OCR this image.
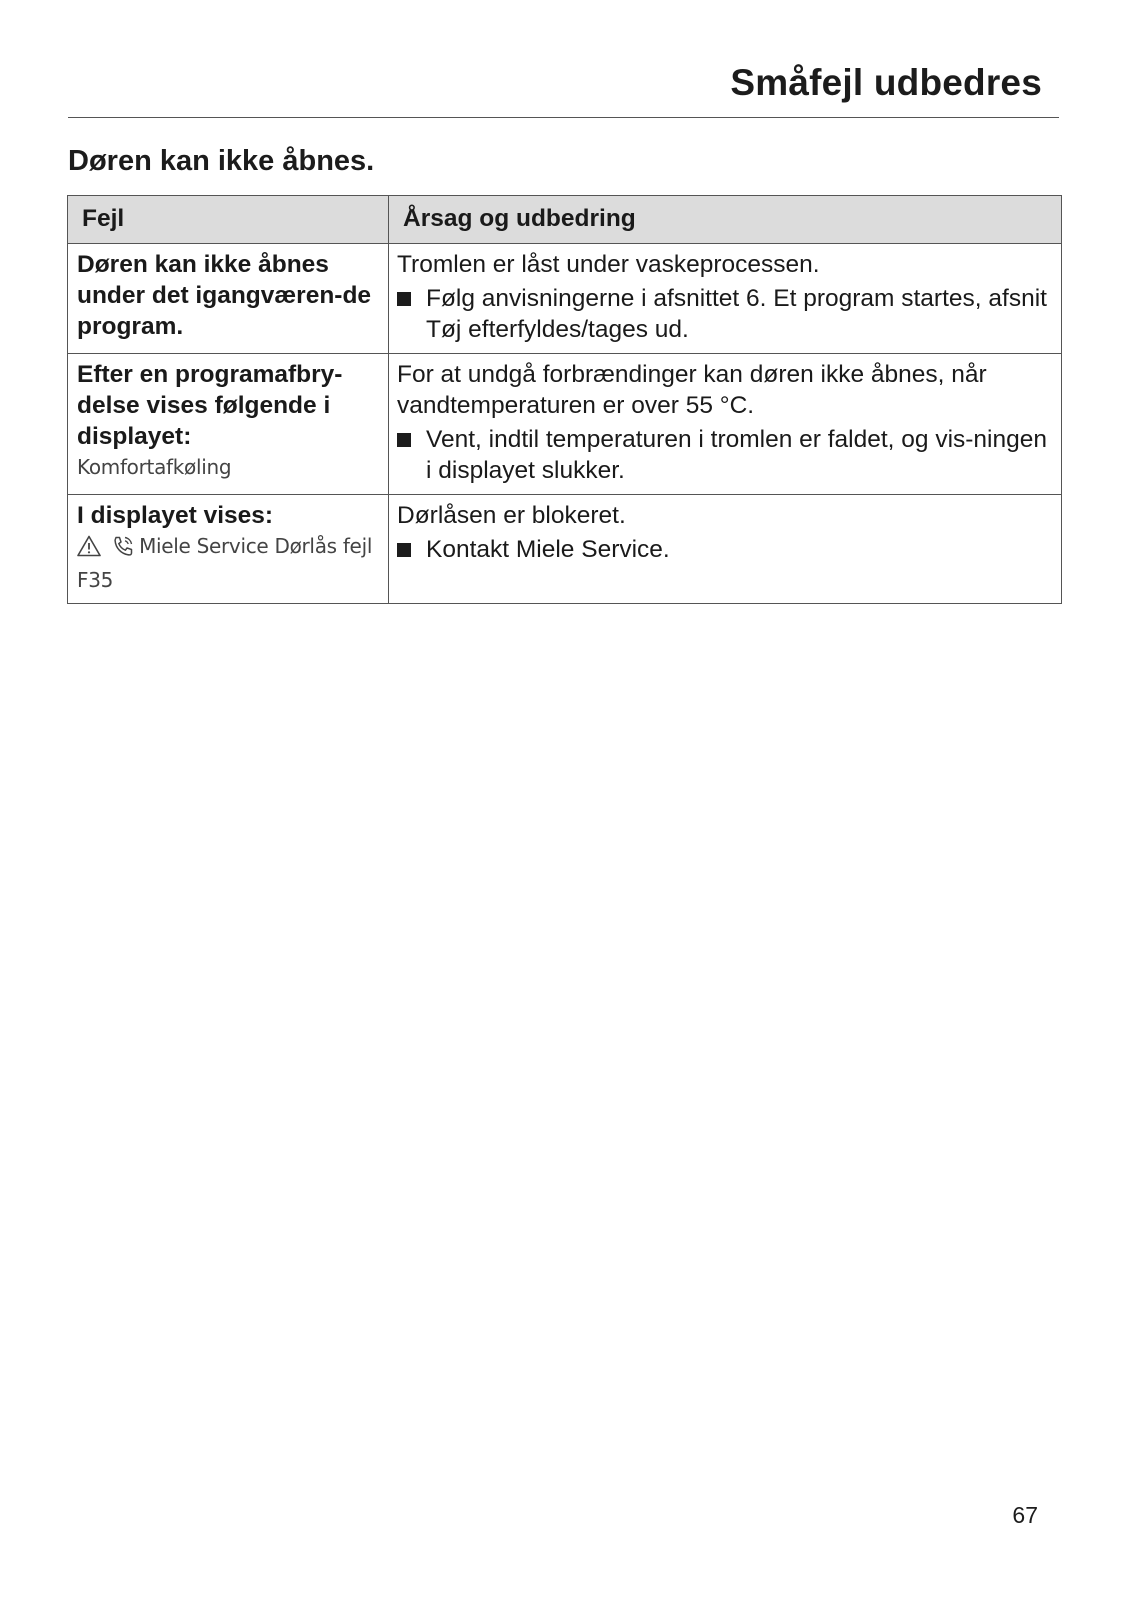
Småfejl udbedres
Døren kan ikke åbnes.
Fejl	Årsag og udbedring

Døren kan ikke åbnes under det igangværen-de program.	Tromlen er låst under vaskeprocessen.
Følg anvisningerne i afsnittet 6. Et program startes, afsnit Tøj efterfyldes/tages ud.

Efter en programafbry-delse vises følgende i displayet:
Komfortafkøling	For at undgå forbrændinger kan døren ikke åbnes, når vandtemperaturen er over 55 °C.
Vent, indtil temperaturen i tromlen er faldet, og vis-ningen i displayet slukker.

I displayet vises:
Miele Service Dørlås fejl F35	Dørlåsen er blokeret.
Kontakt Miele Service.
67
